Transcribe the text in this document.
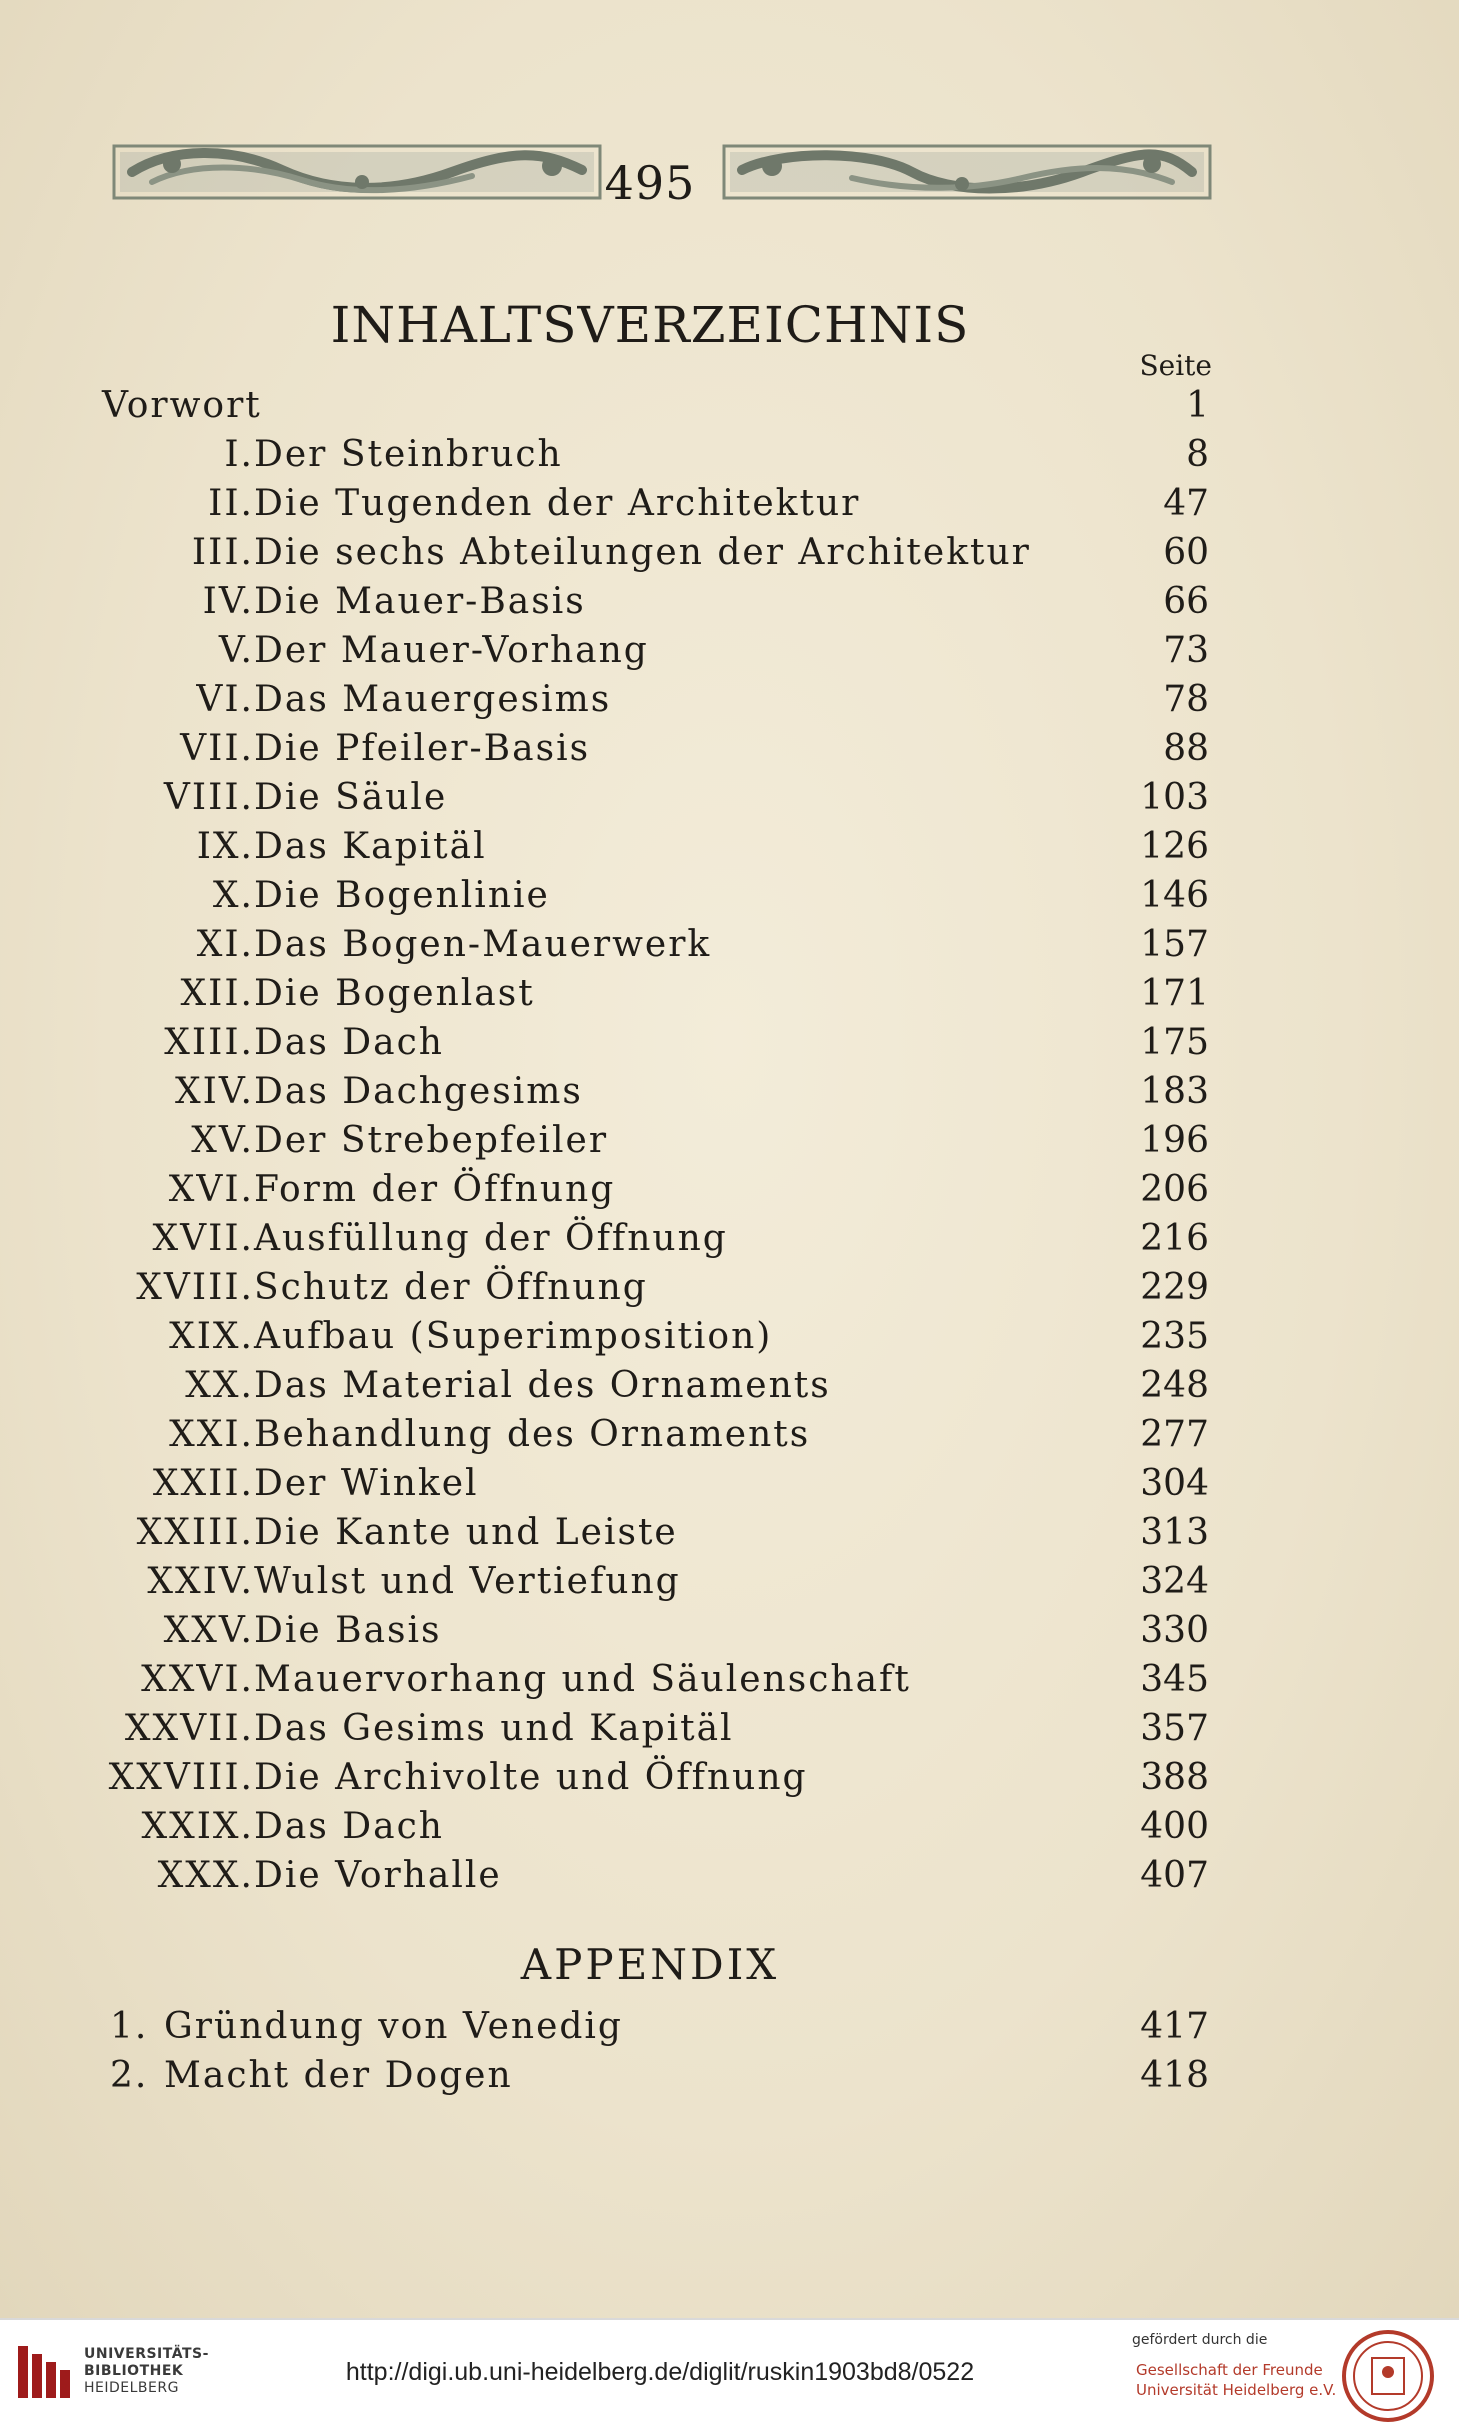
495
INHALTSVERZEICHNIS
Seite
Vorwort	1
I. Der Steinbruch	8
II. Die Tugenden der Architektur	47
III. Die sechs Abteilungen der Architektur	60
IV. Die Mauer-Basis	66
V. Der Mauer-Vorhang	73
VI. Das Mauergesims	78
VII. Die Pfeiler-Basis	88
VIII. Die Säule	103
IX. Das Kapitäl	126
X. Die Bogenlinie	146
XI. Das Bogen-Mauerwerk	157
XII. Die Bogenlast	171
XIII. Das Dach	175
XIV. Das Dachgesims	183
XV. Der Strebepfeiler	196
XVI. Form der Öffnung	206
XVII. Ausfüllung der Öffnung	216
XVIII. Schutz der Öffnung	229
XIX. Aufbau (Superimposition)	235
XX. Das Material des Ornaments	248
XXI. Behandlung des Ornaments	277
XXII. Der Winkel	304
XXIII. Die Kante und Leiste	313
XXIV. Wulst und Vertiefung	324
XXV. Die Basis	330
XXVI. Mauervorhang und Säulenschaft	345
XXVII. Das Gesims und Kapitäl	357
XXVIII. Die Archivolte und Öffnung	388
XXIX. Das Dach	400
XXX. Die Vorhalle	407
APPENDIX
1. Gründung von Venedig	417
2. Macht der Dogen	418
UNIVERSITÄTS-
BIBLIOTHEK
HEIDELBERG
http://digi.ub.uni-heidelberg.de/diglit/ruskin1903bd8/0522
gefördert durch die
Gesellschaft der Freunde
Universität Heidelberg e.V.
